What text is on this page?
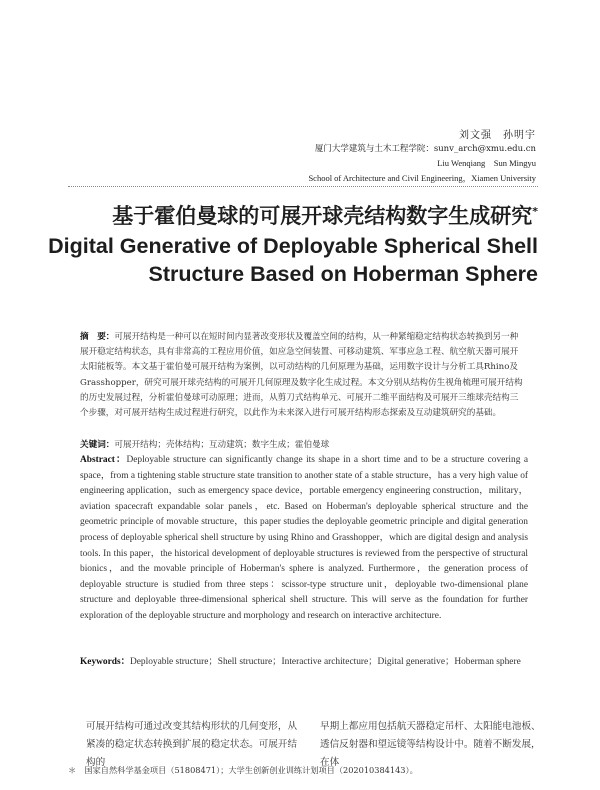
刘文强　孙明宇
厦门大学建筑与土木工程学院：sunv_arch@xmu.edu.cn
Liu Wenqiang　Sun Mingyu
School of Architecture and Civil Engineering，Xiamen University
基于霍伯曼球的可展开球壳结构数字生成研究*
Digital Generative of Deployable Spherical Shell
Structure Based on Hoberman Sphere
摘　要：可展开结构是一种可以在短时间内显著改变形状及覆盖空间的结构，从一种紧缩稳定结构状态转换到另一种展开稳定结构状态，具有非常高的工程应用价值，如应急空间装置、可移动建筑、军事应急工程、航空航天器可展开太阳能板等。本文基于霍伯曼可展开结构为案例，以可动结构的几何原理为基础，运用数字设计与分析工具Rhino及Grasshopper，研究可展开球壳结构的可展开几何原理及数字化生成过程。本文分别从结构仿生视角梳理可展开结构的历史发展过程，分析霍伯曼球可动原理；进而，从剪刀式结构单元、可展开二维平面结构及可展开三维球壳结构三个步骤，对可展开结构生成过程进行研究，以此作为未来深入进行可展开结构形态探索及互动建筑研究的基础。
关键词：可展开结构；壳体结构；互动建筑；数字生成；霍伯曼球
Abstract：Deployable structure can significantly change its shape in a short time and to be a structure covering a space，from a tightening stable structure state transition to another state of a stable structure，has a very high value of engineering application，such as emergency space device，portable emergency engineering construction，military，aviation spacecraft expandable solar panels，etc. Based on Hoberman's deployable spherical structure and the geometric principle of movable structure，this paper studies the deployable geometric principle and digital generation process of deployable spherical shell structure by using Rhino and Grasshopper，which are digital design and analysis tools. In this paper，the historical development of deployable structures is reviewed from the perspective of structural bionics，and the movable principle of Hoberman's sphere is analyzed. Furthermore，the generation process of deployable structure is studied from three steps：scissor-type structure unit，deployable two-dimensional plane structure and deployable three-dimensional spherical shell structure. This will serve as the foundation for further exploration of the deployable structure and morphology and research on interactive architecture.
Keywords：Deployable structure；Shell structure；Interactive architecture；Digital generative；Hoberman sphere
可展开结构可通过改变其结构形状的几何变形，从紧凑的稳定状态转换到扩展的稳定状态。可展开结构的
早期上都应用包括航天器稳定吊杆、太阳能电池板、透信反射器和望远镜等结构设计中。随着不断发展，在体
＊　国家自然科学基金项目（51808471）；大学生创新创业训练计划项目（202010384143）。
